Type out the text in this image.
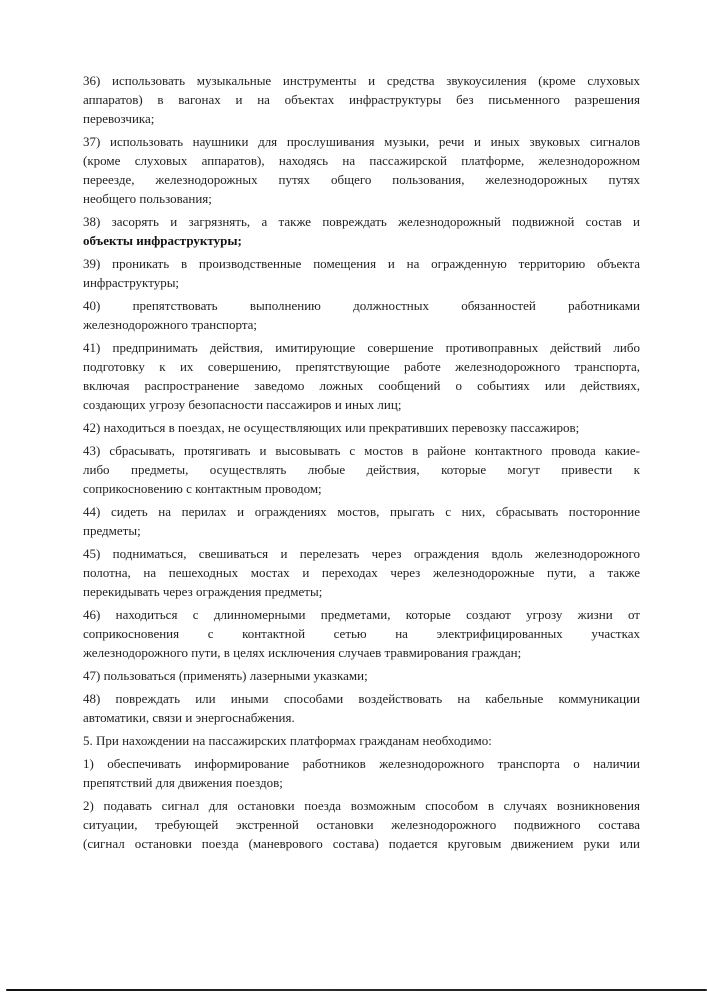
36) использовать музыкальные инструменты и средства звукоусиления (кроме слуховых
аппаратов) в вагонах и на объектах инфраструктуры без письменного разрешения
перевозчика;
37) использовать наушники для прослушивания музыки, речи и иных звуковых сигналов
(кроме слуховых аппаратов), находясь на пассажирской платформе, железнодорожном
переезде, железнодорожных путях общего пользования, железнодорожных путях
необщего пользования;
38) засорять и загрязнять, а также повреждать железнодорожный подвижной состав и
объекты инфраструктуры;
39) проникать в производственные помещения и на огражденную территорию объекта
инфраструктуры;
40) препятствовать выполнению должностных обязанностей работниками
железнодорожного транспорта;
41) предпринимать действия, имитирующие совершение противоправных действий либо
подготовку к их совершению, препятствующие работе железнодорожного транспорта,
включая распространение заведомо ложных сообщений о событиях или действиях,
создающих угрозу безопасности пассажиров и иных лиц;
42) находиться в поездах, не осуществляющих или прекративших перевозку пассажиров;
43) сбрасывать, протягивать и высовывать с мостов в районе контактного провода какие-
либо предметы, осуществлять любые действия, которые могут привести к
соприкосновению с контактным проводом;
44) сидеть на перилах и ограждениях мостов, прыгать с них, сбрасывать посторонние
предметы;
45) подниматься, свешиваться и перелезать через ограждения вдоль железнодорожного
полотна, на пешеходных мостах и переходах через железнодорожные пути, а также
перекидывать через ограждения предметы;
46) находиться с длинномерными предметами, которые создают угрозу жизни от
соприкосновения с контактной сетью на электрифицированных участках
железнодорожного пути, в целях исключения случаев травмирования граждан;
47) пользоваться (применять) лазерными указками;
48) повреждать или иными способами воздействовать на кабельные коммуникации
автоматики, связи и энергоснабжения.
5. При нахождении на пассажирских платформах гражданам необходимо:
1) обеспечивать информирование работников железнодорожного транспорта о наличии
препятствий для движения поездов;
2) подавать сигнал для остановки поезда возможным способом в случаях возникновения
ситуации, требующей экстренной остановки железнодорожного подвижного состава
(сигнал остановки поезда (маневрового состава) подается круговым движением руки или
